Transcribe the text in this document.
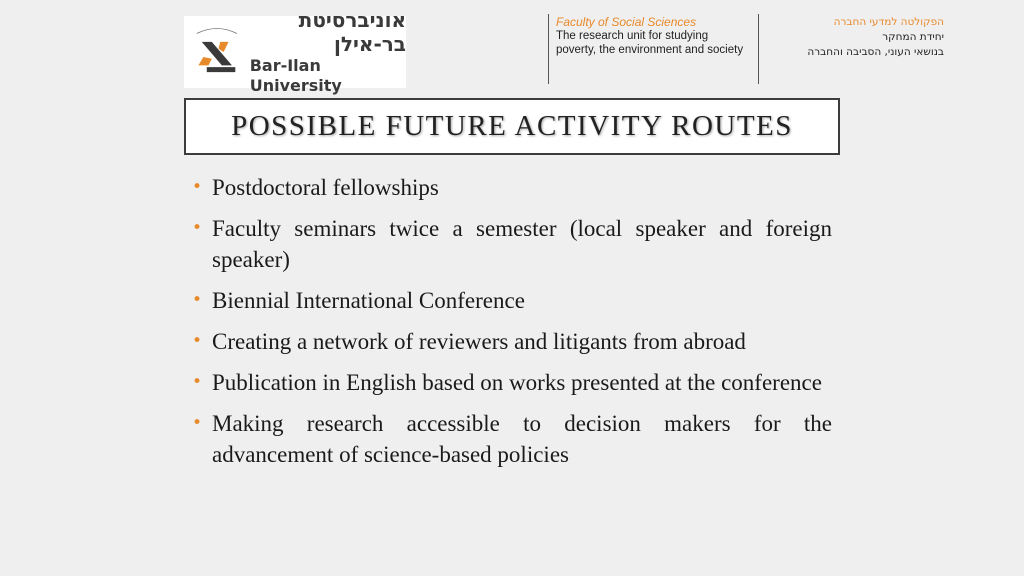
אוניברסיטת בר-אילן
Bar-Ilan University
Faculty of Social Sciences
The research unit for studying
poverty, the environment and society
הפקולטה למדעי החברה
יחידת המחקר
בנושאי העוני, הסביבה והחברה
POSSIBLE FUTURE ACTIVITY ROUTES
• Postdoctoral fellowships
• Faculty seminars twice a semester (local speaker and foreign speaker)
• Biennial International Conference
• Creating a network of reviewers and litigants from abroad
• Publication in English based on works presented at the conference
• Making research accessible to decision makers for the advancement of science-based policies
